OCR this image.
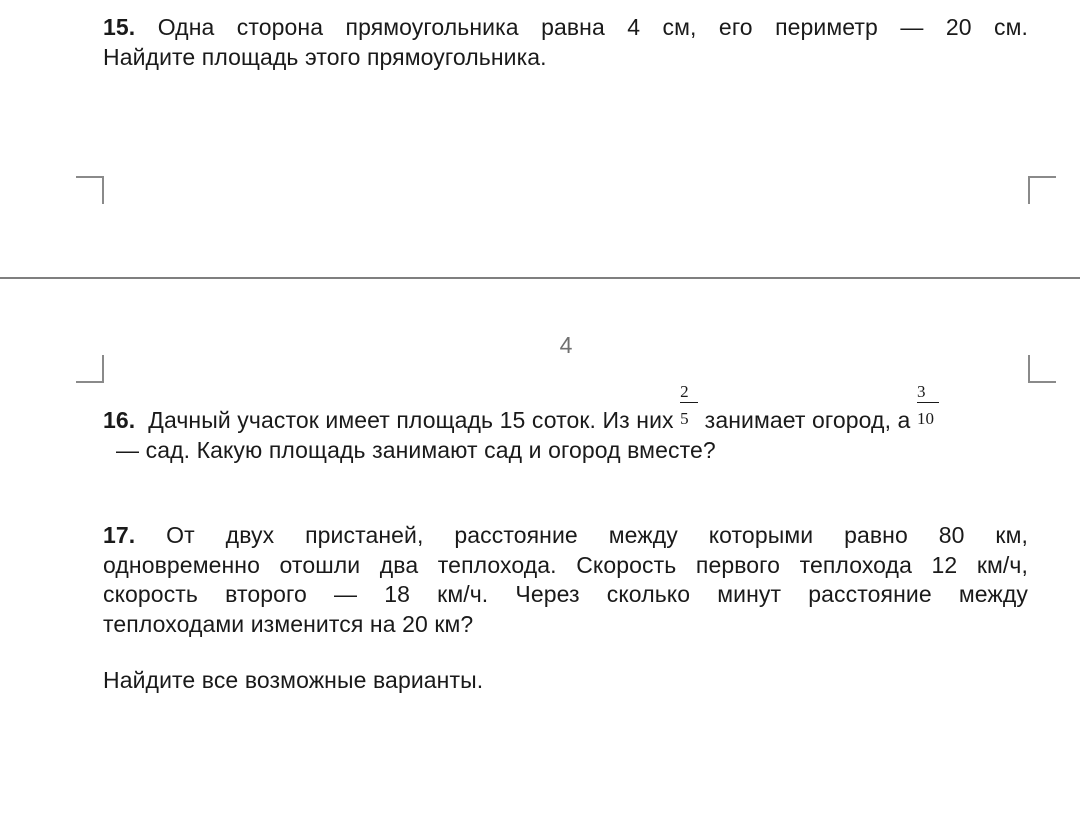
15. Одна сторона прямоугольника равна 4 см, его периметр — 20 см.
Найдите площадь этого прямоугольника.
4
16. Дачный участок имеет площадь 15 соток. Из них
$\frac{2}{5}$
занимает огород, а
$\frac{3}{10}$
— сад. Какую площадь занимают сад и огород вместе?
17. От двух пристаней, расстояние между которыми равно 80 км,
одновременно отошли два теплохода. Скорость первого теплохода 12 км/ч,
скорость второго — 18 км/ч. Через сколько минут расстояние между
теплоходами изменится на 20 км?
Найдите все возможные варианты.
